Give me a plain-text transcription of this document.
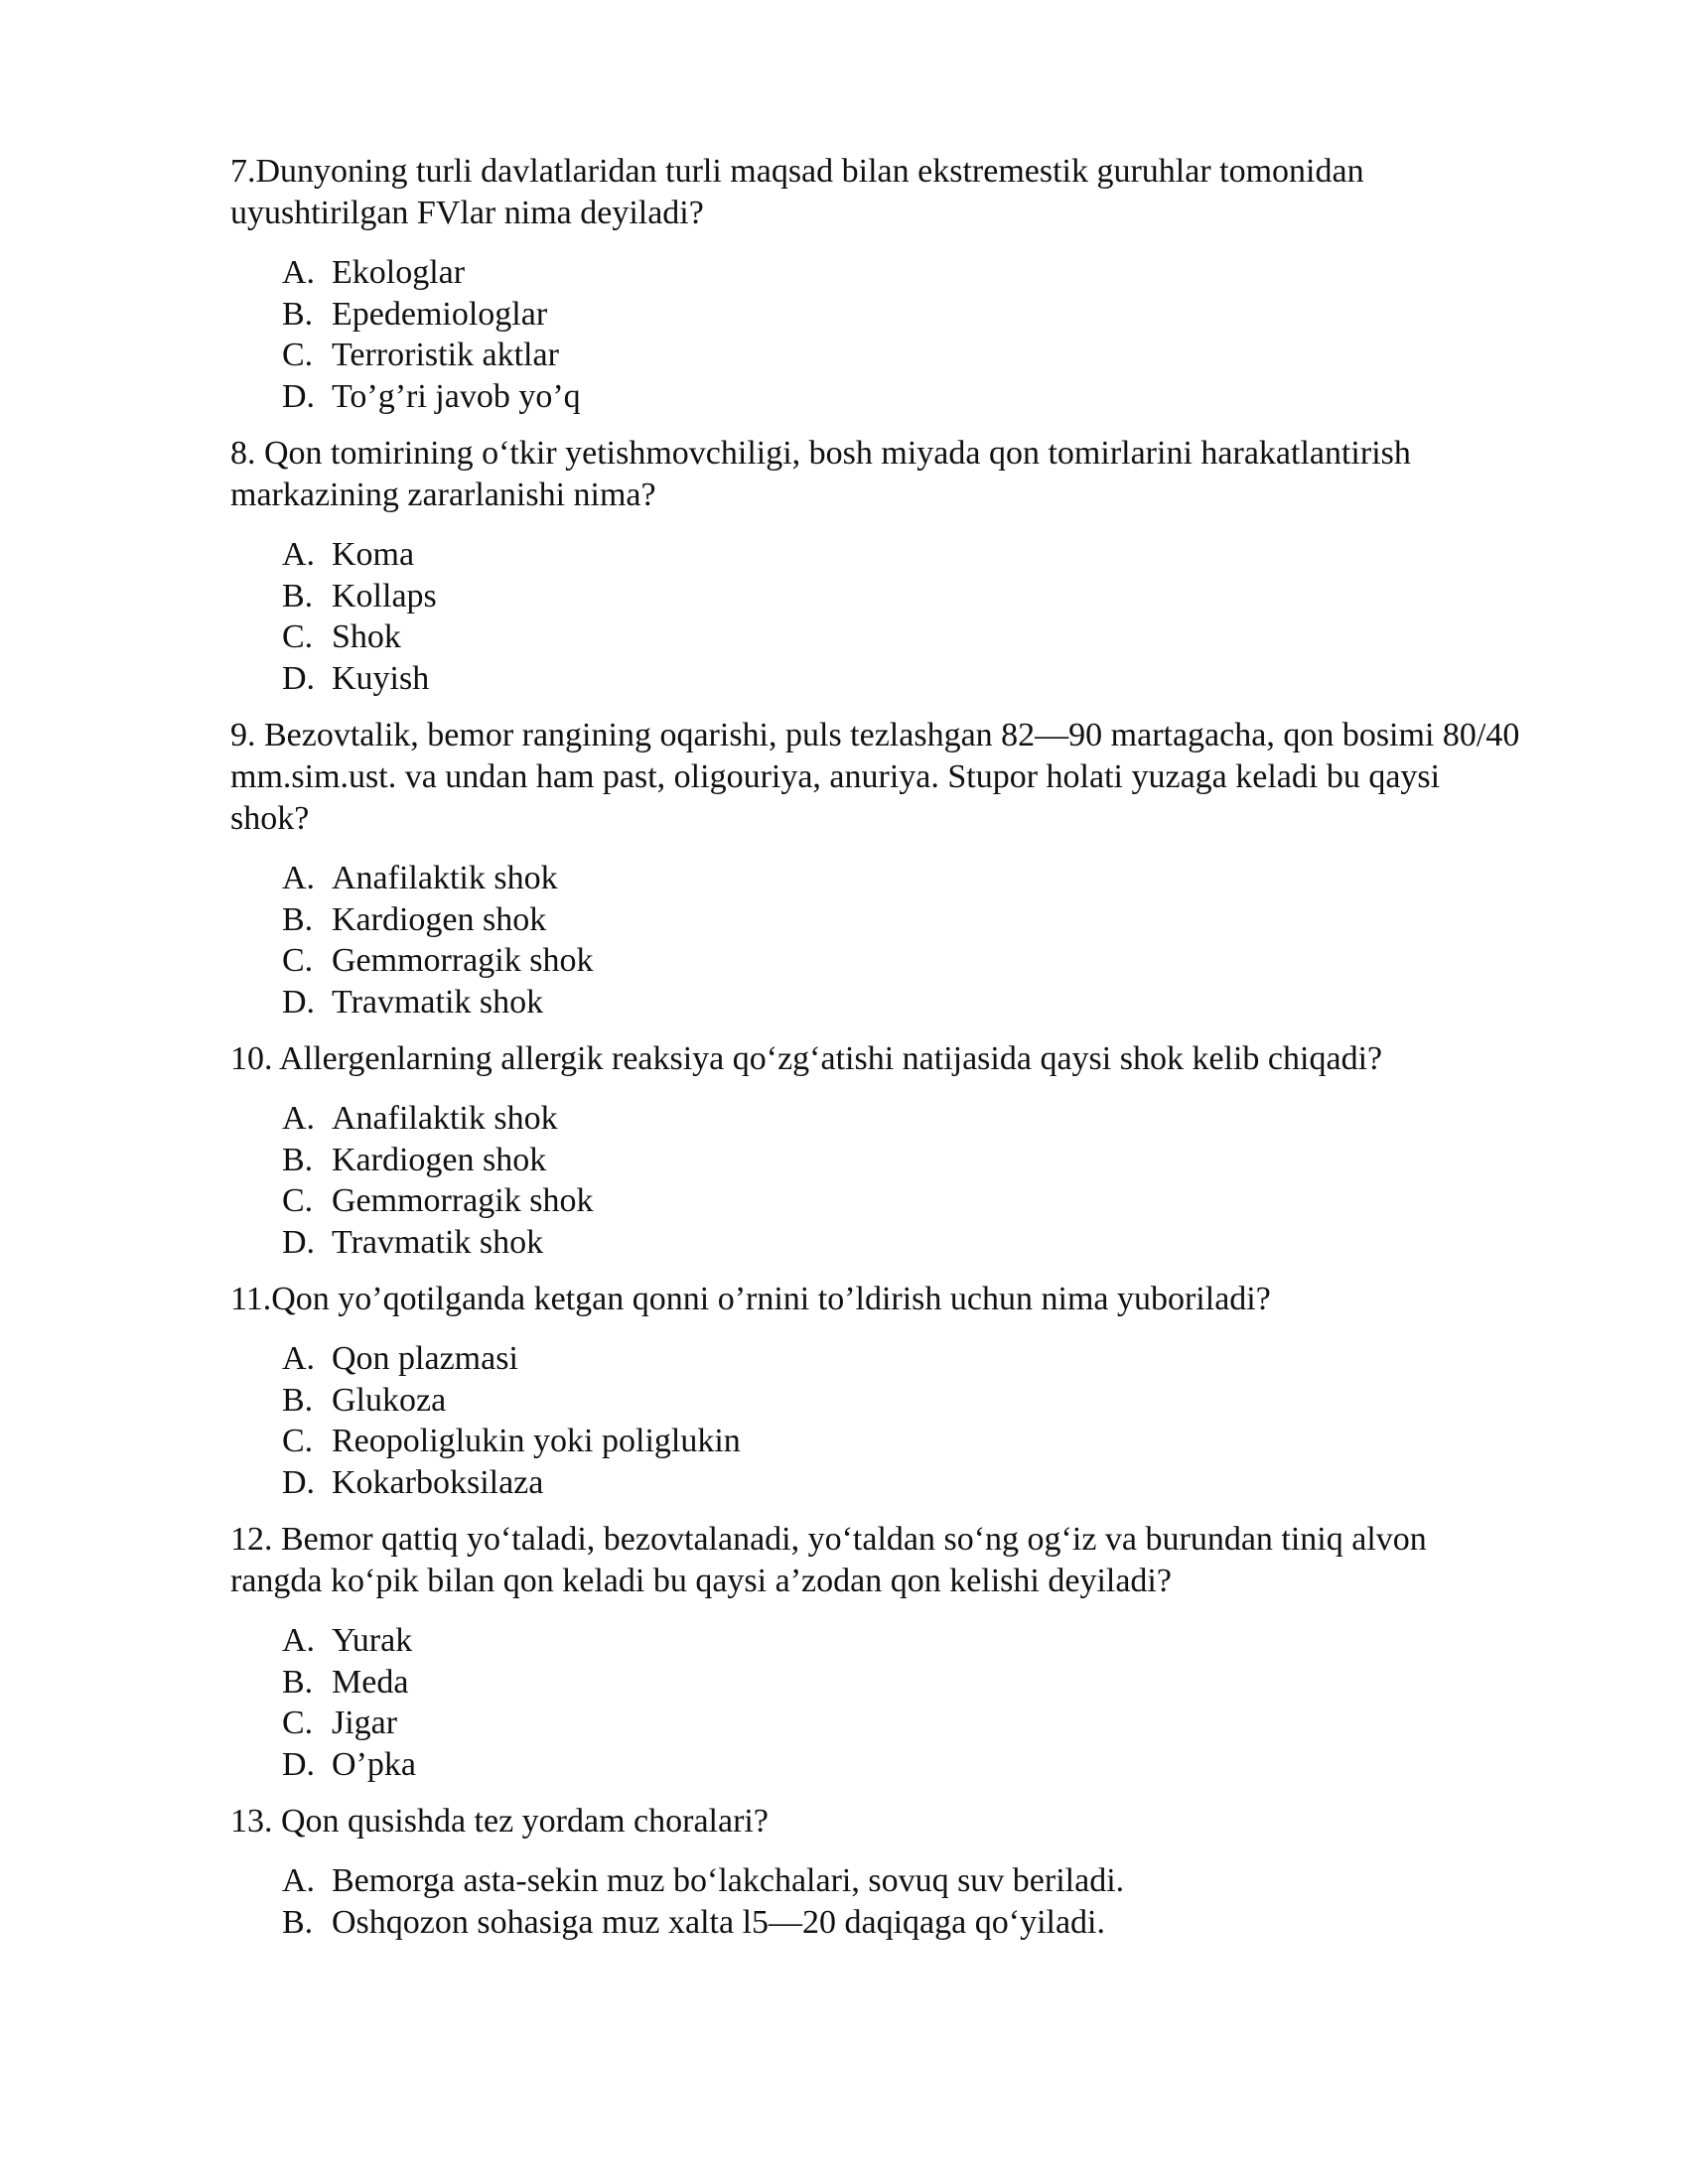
7.Dunyoning turli davlatlaridan turli maqsad bilan ekstremestik guruhlar tomonidan uyushtirilgan FVlar nima deyiladi?

A. Ekologlar
B. Epedemiologlar
C. Terroristik aktlar
D. To’g’ri javob yo’q

8. Qon tomirining o‘tkir yetishmovchiligi, bosh miyada qon tomirlarini harakatlantirish markazining zararlanishi nima?

A. Koma
B. Kollaps
C. Shok
D. Kuyish

9. Bezovtalik, bemor rangining oqarishi, puls tezlashgan 82—90 martagacha, qon bosimi 80/40 mm.sim.ust. va undan ham past, oligouriya, anuriya. Stupor holati yuzaga keladi bu qaysi shok?

A. Anafilaktik shok
B. Kardiogen shok
C. Gemmorragik shok
D. Travmatik shok

10. Allergenlarning allergik reaksiya qo‘zg‘atishi natijasida qaysi shok kelib chiqadi?

A. Anafilaktik shok
B. Kardiogen shok
C. Gemmorragik shok
D. Travmatik shok

11.Qon yo’qotilganda ketgan qonni o’rnini to’ldirish uchun nima yuboriladi?

A. Qon plazmasi
B. Glukoza
C. Reopoliglukin yoki poliglukin
D. Kokarboksilaza

12. Bemor qattiq yo‘taladi, bezovtalanadi, yo‘taldan so‘ng og‘iz va burundan tiniq alvon rangda ko‘pik bilan qon keladi bu qaysi a’zodan qon kelishi deyiladi?

A. Yurak
B. Meda
C. Jigar
D. O’pka

13. Qon qusishda tez yordam choralari?

A. Bemorga asta-sekin muz bo‘lakchalari, sovuq suv beriladi.
B. Oshqozon sohasiga muz xalta l5—20 daqiqaga qo‘yiladi.
